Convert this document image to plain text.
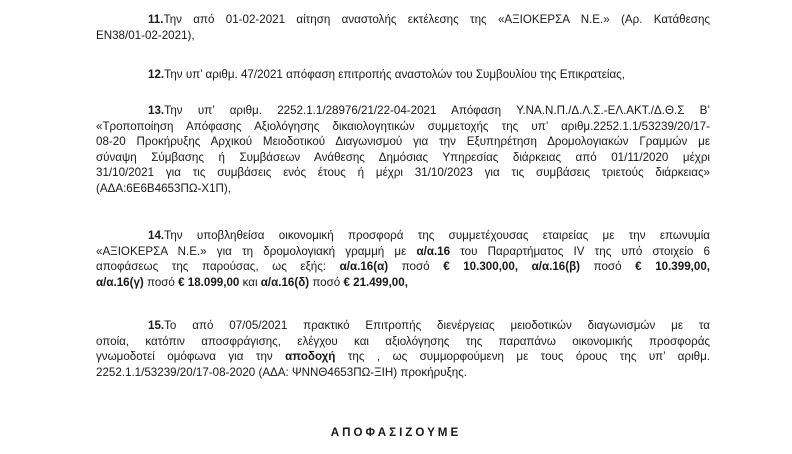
11.Την από 01-02-2021 αίτηση αναστολής εκτέλεσης της «ΑΞΙΟΚΕΡΣΑ Ν.Ε.» (Αρ. Κατάθεσης
ΕΝ38/01-02-2021),

12.Την υπ’ αριθμ. 47/2021 απόφαση επιτροπής αναστολών του Συμβουλίου της Επικρατείας,

13.Την υπ’ αριθμ. 2252.1.1/28976/21/22-04-2021 Απόφαση Υ.ΝΑ.Ν.Π./Δ.Λ.Σ.-ΕΛ.ΑΚΤ./Δ.Θ.Σ Β’
«Τροποποίηση Απόφασης Αξιολόγησης δικαιολογητικών συμμετοχής της υπ’ αριθμ.2252.1.1/53239/20/17-
08-20 Προκήρυξης Αρχικού Μειοδοτικού Διαγωνισμού για την Εξυπηρέτηση Δρομολογιακών Γραμμών με
σύναψη Σύμβασης ή Συμβάσεων Ανάθεσης Δημόσιας Υπηρεσίας διάρκειας από 01/11/2020 μέχρι
31/10/2021 για τις συμβάσεις ενός έτους ή μέχρι 31/10/2023 για τις συμβάσεις τριετούς διάρκειας»
(ΑΔΑ:6Ε6Β4653ΠΩ-Χ1Π),

14.Την υποβληθείσα οικονομική προσφορά της συμμετέχουσας εταιρείας με την επωνυμία
«ΑΞΙΟΚΕΡΣΑ Ν.Ε.» για τη δρομολογιακή γραμμή με α/α.16 του Παραρτήματος IV της υπό στοιχείο 6
αποφάσεως της παρούσας, ως εξής: α/α.16(α) ποσό € 10.300,00, α/α.16(β) ποσό € 10.399,00,
α/α.16(γ) ποσό € 18.099,00 και α/α.16(δ) ποσό € 21.499,00,

15.Το από 07/05/2021 πρακτικό Επιτροπής διενέργειας μειοδοτικών διαγωνισμών με τα
οποία, κατόπιν αποσφράγισης, ελέγχου και αξιολόγησης της παραπάνω οικονομικής προσφοράς
γνωμοδοτεί ομόφωνα για την αποδοχή της , ως συμμορφούμενη με τους όρους της υπ’ αριθμ.
2252.1.1/53239/20/17-08-2020 (ΑΔΑ: ΨΝΝΘ4653ΠΩ-ΞΙΗ) προκήρυξης.

ΑΠΟΦΑΣΙΖΟΥΜΕ
